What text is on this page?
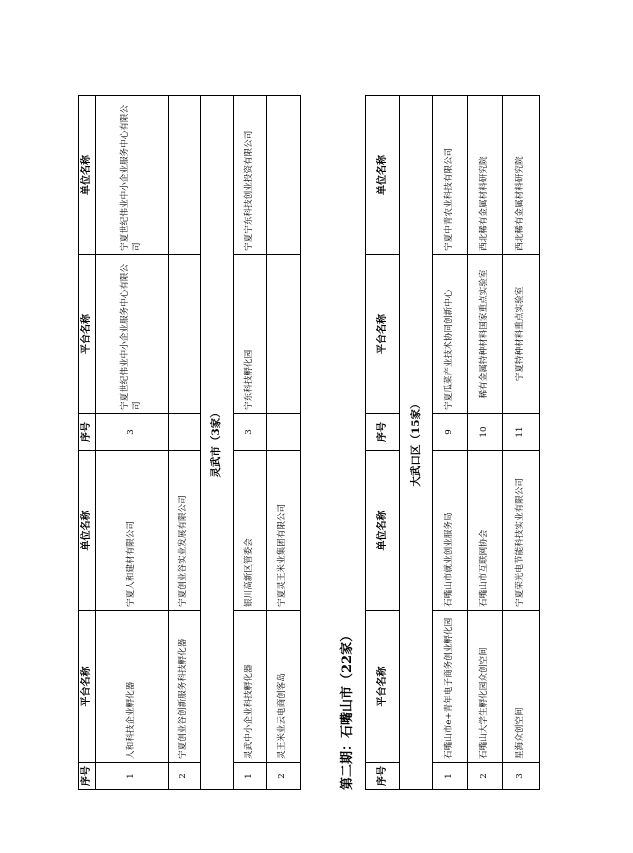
序号	平台名称	单位名称	序号	平台名称	单位名称
1	人和科技企业孵化器	宁夏人和建材有限公司	3	宁夏世纪伟业中小企业服务中心有限公司	宁夏世纪伟业中小企业服务中心有限公司
2	宁夏创业谷创新服务科技孵化器	宁夏创业谷实业发展有限公司			
灵武市（3家）					
1	灵武中小企业科技孵化器	银川高新区管委会	3	宁东科技孵化园	宁夏宁东科技创业投资有限公司
2	灵王米业云电商创客岛	宁夏灵王米业集团有限公司			
第二期：石嘴山市（22家） 序号	平台名称	单位名称	序号	平台名称	单位名称
大武口区（15家）					
1	石嘴山市e+青年电子商务创业孵化园	石嘴山市就业创业服务局	9	宁夏瓜菜产业技术协同创新中心	宁夏中青农业科技有限公司
2	石嘴山大学生孵化园众创空间	石嘴山市互联网协会	10	稀有金属特种材料国家重点实验室	西北稀有金属材料研究院
3	星海众创空间	宁夏荣光电节能科技实业有限公司	11	宁夏特种材料重点实验室	西北稀有金属材料研究院
